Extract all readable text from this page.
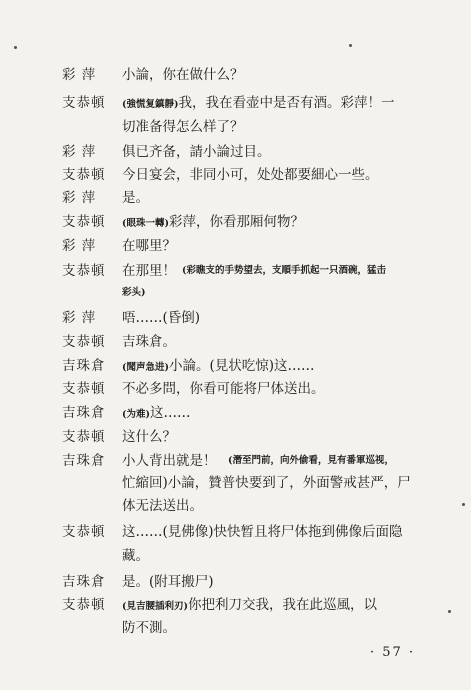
彩 萍	小論，你在做什么？
支恭頓	(強慌复鎮靜)我，我在看壶中是否有酒。彩萍！一
切准备得怎么样了？
彩 萍	俱已齐备，請小論过目。
支恭頓	今日宴会，非同小可，处处都要細心一些。
彩 萍	是。
支恭頓	(眼珠一轉)彩萍，你看那厢何物？
彩 萍	在哪里？
支恭頓	在那里！ (彩瞧支的手势望去，支順手抓起一只酒碗，猛击
彩头)
彩 萍	唔……(昏倒)
支恭頓	吉珠倉。
吉珠倉	(聞声急进)小論。(見状吃惊)这……
支恭頓	不必多問，你看可能将尸体送出。
吉珠倉	(为难)这……
支恭頓	这什么？
吉珠倉	小人背出就是！	(潛至門前，向外偷看，見有番軍巡视，
忙縮回)小論，贊普快要到了，外面警戒甚严，尸
体无法送出。
支恭頓	这……(見佛像)快快暂且将尸体拖到佛像后面隐
藏。
吉珠倉	是。(附耳搬尸)
支恭頓	(見吉腰插利刃)你把利刀交我，我在此巡風，以
防不測。
· 57 ·
